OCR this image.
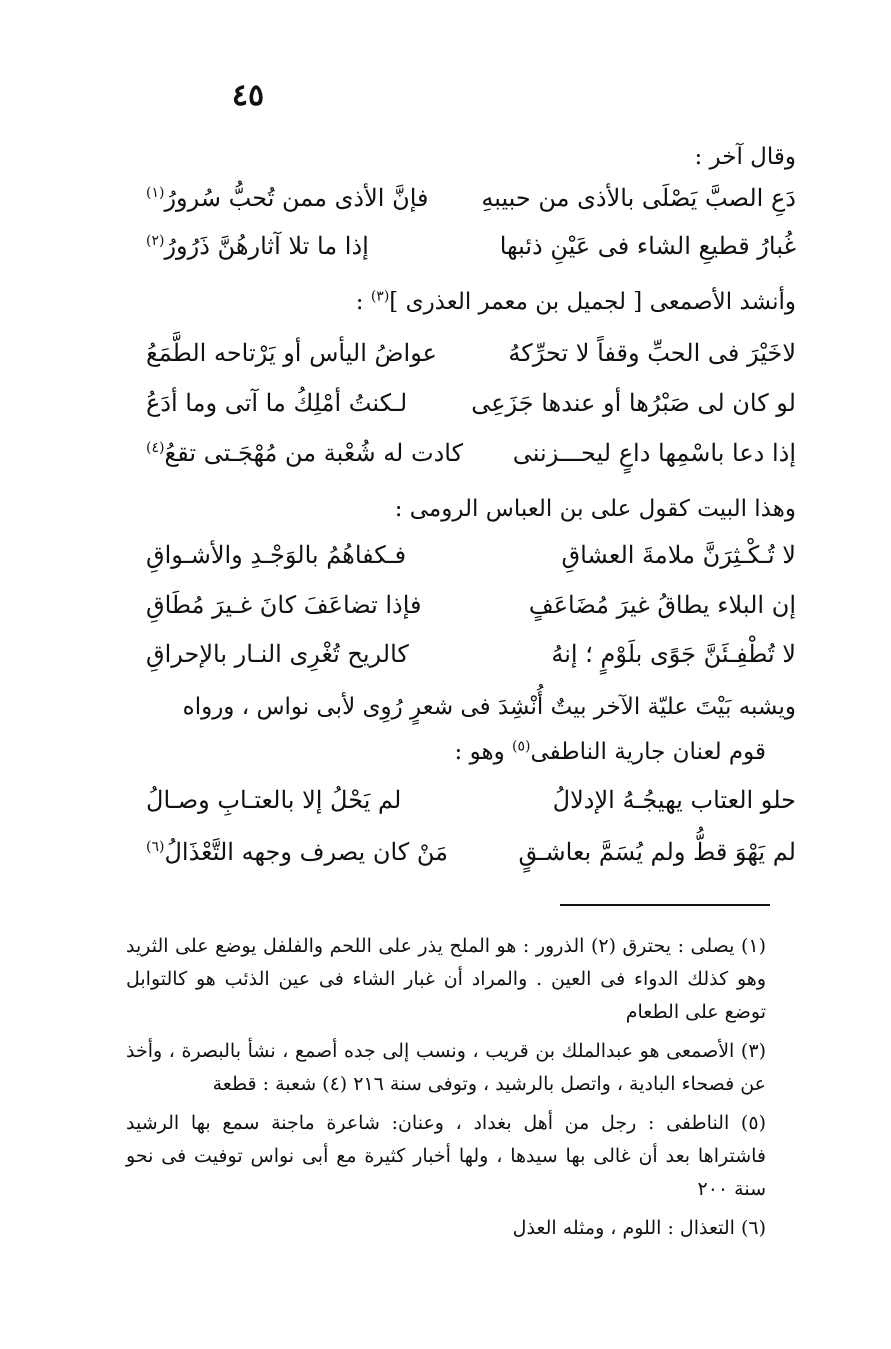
٤٥
وقال آخر :
دَعِ الصبَّ يَصْلَى بالأذى من حبيبهِ
فإنَّ الأذى ممن تُحبُّ سُرورُ$^{(١)}$
غُبارُ قطيعِ الشاء فى عَيْنِ ذئبها
إذا ما تلا آثارهُنَّ ذَرُورُ$^{(٢)}$
وأنشد الأصمعى [ لجميل بن معمر العذرى ]$^{(٣)}$ :
لاخَيْرَ فى الحبِّ وقفاً لا تحرِّكهُ
عواضُ اليأس أو يَرْتاحه الطَّمَعُ
لو كان لى صَبْرُها أو عندها جَزَعِى
لـكنتُ أمْلِكُ ما آتى وما أدَعُ
إذا دعا باسْمِها داعٍ ليحـــزننى
كادت له شُعْبة من مُهْجَـتى تقعُ$^{(٤)}$
وهذا البيت كقول على بن العباس الرومى :
لا تُـكْـثِرَنَّ ملامةَ العشاقِ
فـكفاهُمُ بالوَجْـدِ والأشـواقِ
إن البلاء يطاقُ غيرَ مُضَاعَفٍ
فإذا تضاعَفَ كانَ غـيرَ مُطَاقِ
لا تُطْفِـئَنَّ جَوًى بلَوْمٍ ؛ إنهُ
كالريح تُغْرِى النـار بالإحراقِ
ويشبه بَيْتَ عليّة الآخر بيتٌ أُنْشِدَ فى شعرٍ رُوِى لأبى نواس ، ورواه
قوم لعنان جارية الناطفى$^{(٥)}$ وهو :
حلو العتاب يهيجُـهُ الإدلالُ
لم يَحْلُ إلا بالعتـابِ وصـالُ
لم يَهْوَ قطُّ ولم يُسَمَّ بعاشـقٍ
مَنْ كان يصرف وجهه التَّعْذَالُ$^{(٦)}$

(١) يصلى : يحترق (٢) الذرور : هو الملح يذر على اللحم والفلفل يوضع على الثريد وهو كذلك الدواء فى العين . والمراد أن غبار الشاء فى عين الذئب هو كالتوابل توضع على الطعام

(٣) الأصمعى هو عبدالملك بن قريب ، ونسب إلى جده أصمع ، نشأ بالبصرة ، وأخذ عن فصحاء البادية ، واتصل بالرشيد ، وتوفى سنة ٢١٦ (٤) شعبة : قطعة

(٥) الناطفى : رجل من أهل بغداد ، وعنان: شاعرة ماجنة سمع بها الرشيد فاشتراها بعد أن غالى بها سيدها ، ولها أخبار كثيرة مع أبى نواس توفيت فى نحو سنة ٢٠٠

(٦) التعذال : اللوم ، ومثله العذل
